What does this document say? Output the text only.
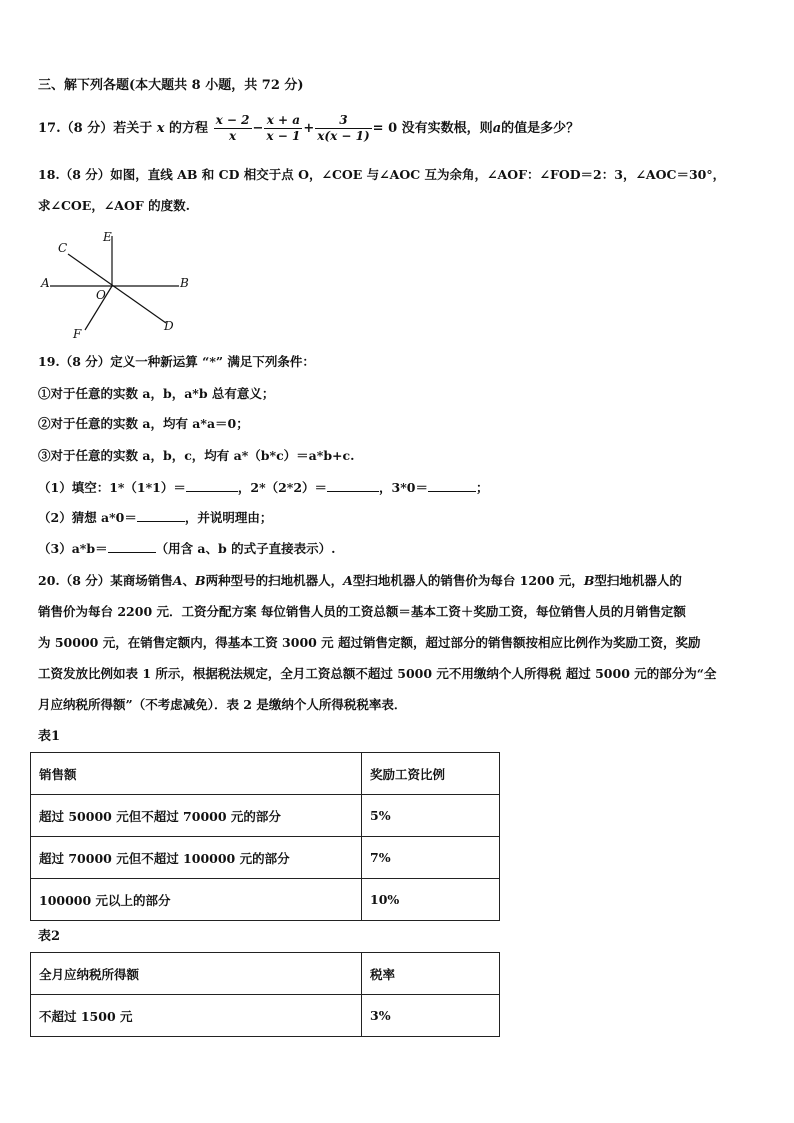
三、解下列各题(本大题共 8 小题，共 72 分)
17.（8 分）若关于 x 的方程 $\frac{x - 2}{x} - \frac{x + a}{x - 1} + \frac{3}{x(x - 1)} = 0$ 没有实数根，则a的值是多少？
18.（8 分）如图，直线 AB 和 CD 相交于点 O，∠COE 与∠AOC 互为余角，∠AOF：∠FOD＝2：3，∠AOC＝30°，
求∠COE，∠AOF 的度数.
C
E
A	B
O
F
D
19.（8 分）定义一种新运算 “*” 满足下列条件：
①对于任意的实数 a，b，a*b 总有意义；
②对于任意的实数 a，均有 a*a＝0；
③对于任意的实数 a，b，c，均有 a*（b*c）＝a*b+c.
（1）填空：1*（1*1）＝	，2*（2*2）＝	，3*0＝	；
（2）猜想 a*0＝	，并说明理由；
（3）a*b＝	（用含 a、b 的式子直接表示）.
20.（8 分）某商场销售A、B两种型号的扫地机器人，A型扫地机器人的销售价为每台 1200 元，B型扫地机器人的
销售价为每台 2200 元．工资分配方案 每位销售人员的工资总额＝基本工资＋奖励工资，每位销售人员的月销售定额
为 50000 元，在销售定额内，得基本工资 3000 元 超过销售定额，超过部分的销售额按相应比例作为奖励工资，奖励
工资发放比例如表 1 所示，根据税法规定，全月工资总额不超过 5000 元不用缴纳个人所得税 超过 5000 元的部分为“全
月应纳税所得额”（不考虑减免）．表 2 是缴纳个人所得税税率表．
表1
销售额	奖励工资比例
超过 50000 元但不超过 70000 元的部分	5%
超过 70000 元但不超过 100000 元的部分	7%
100000 元以上的部分	10%
表2
全月应纳税所得额	税率
不超过 1500 元	3%
